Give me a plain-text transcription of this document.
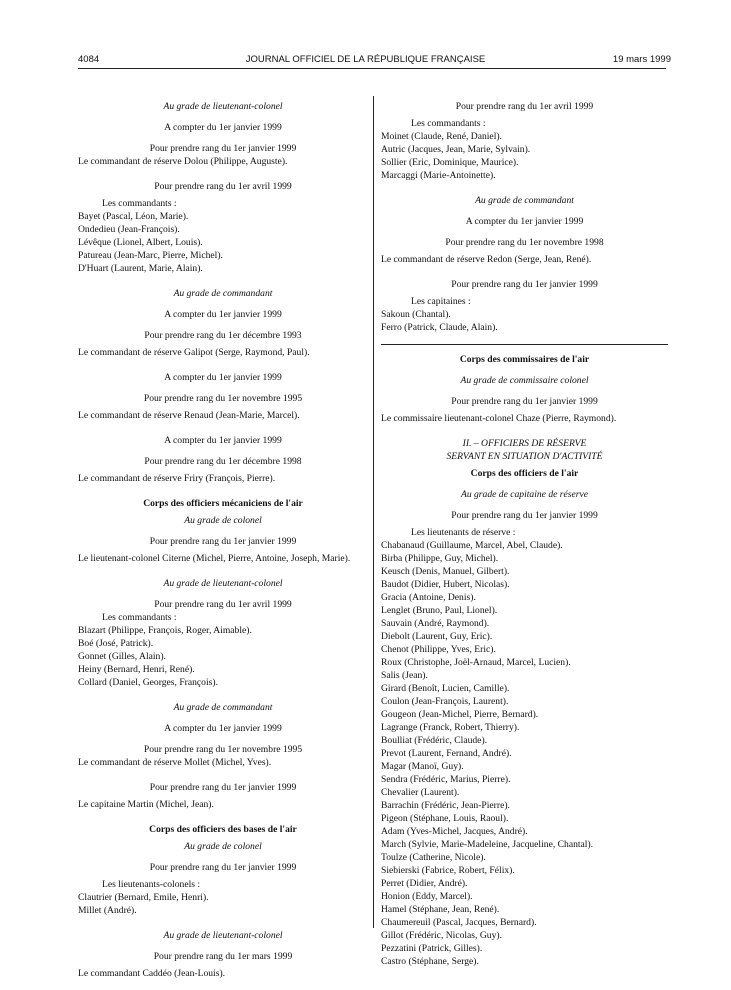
4084	JOURNAL OFFICIEL DE LA RÉPUBLIQUE FRANÇAISE	19 mars 1999
Au grade de lieutenant-colonel
A compter du 1er janvier 1999
Pour prendre rang du 1er janvier 1999
Le commandant de réserve Dolou (Philippe, Auguste).
Pour prendre rang du 1er avril 1999
Les commandants :
Bayet (Pascal, Léon, Marie).
Ondedieu (Jean-François).
Lévêque (Lionel, Albert, Louis).
Patureau (Jean-Marc, Pierre, Michel).
D'Huart (Laurent, Marie, Alain).
Au grade de commandant
A compter du 1er janvier 1999
Pour prendre rang du 1er décembre 1993
Le commandant de réserve Galipot (Serge, Raymond, Paul).
A compter du 1er janvier 1999
Pour prendre rang du 1er novembre 1995
Le commandant de réserve Renaud (Jean-Marie, Marcel).
A compter du 1er janvier 1999
Pour prendre rang du 1er décembre 1998
Le commandant de réserve Friry (François, Pierre).
Corps des officiers mécaniciens de l'air
Au grade de colonel
Pour prendre rang du 1er janvier 1999
Le lieutenant-colonel Citerne (Michel, Pierre, Antoine, Joseph, Marie).
Au grade de lieutenant-colonel
Pour prendre rang du 1er avril 1999
Les commandants :
Blazart (Philippe, François, Roger, Aimable).
Boé (José, Patrick).
Gonnet (Gilles, Alain).
Heiny (Bernard, Henri, René).
Collard (Daniel, Georges, François).
Au grade de commandant
A compter du 1er janvier 1999
Pour prendre rang du 1er novembre 1995
Le commandant de réserve Mollet (Michel, Yves).
Pour prendre rang du 1er janvier 1999
Le capitaine Martin (Michel, Jean).
Corps des officiers des bases de l'air
Au grade de colonel
Pour prendre rang du 1er janvier 1999
Les lieutenants-colonels :
Clautrier (Bernard, Emile, Henri).
Millet (André).
Au grade de lieutenant-colonel
Pour prendre rang du 1er mars 1999
Le commandant Caddéo (Jean-Louis).
Pour prendre rang du 1er avril 1999
Les commandants :
Moinet (Claude, René, Daniel).
Autric (Jacques, Jean, Marie, Sylvain).
Sollier (Eric, Dominique, Maurice).
Marcaggi (Marie-Antoinette).
Au grade de commandant
A compter du 1er janvier 1999
Pour prendre rang du 1er novembre 1998
Le commandant de réserve Redon (Serge, Jean, René).
Pour prendre rang du 1er janvier 1999
Les capitaines :
Sakoun (Chantal).
Ferro (Patrick, Claude, Alain).
Corps des commissaires de l'air
Au grade de commissaire colonel
Pour prendre rang du 1er janvier 1999
Le commissaire lieutenant-colonel Chaze (Pierre, Raymond).
II. – OFFICIERS DE RÉSERVE
SERVANT EN SITUATION D'ACTIVITÉ
Corps des officiers de l'air
Au grade de capitaine de réserve
Pour prendre rang du 1er janvier 1999
Les lieutenants de réserve :
Chabanaud (Guillaume, Marcel, Abel, Claude).
Birba (Philippe, Guy, Michel).
Keusch (Denis, Manuel, Gilbert).
Baudot (Didier, Hubert, Nicolas).
Gracia (Antoine, Denis).
Lenglet (Bruno, Paul, Lionel).
Sauvain (André, Raymond).
Diebolt (Laurent, Guy, Eric).
Chenot (Philippe, Yves, Eric).
Roux (Christophe, Joël-Arnaud, Marcel, Lucien).
Salis (Jean).
Girard (Benoît, Lucien, Camille).
Coulon (Jean-François, Laurent).
Gougeon (Jean-Michel, Pierre, Bernard).
Lagrange (Franck, Robert, Thierry).
Boulliat (Frédéric, Claude).
Prevot (Laurent, Fernand, André).
Magar (Manoï, Guy).
Sendra (Frédéric, Marius, Pierre).
Chevalier (Laurent).
Barrachin (Frédéric, Jean-Pierre).
Pigeon (Stéphane, Louis, Raoul).
Adam (Yves-Michel, Jacques, André).
March (Sylvie, Marie-Madeleine, Jacqueline, Chantal).
Toulze (Catherine, Nicole).
Siebierski (Fabrice, Robert, Félix).
Perret (Didier, André).
Honion (Eddy, Marcel).
Hamel (Stéphane, Jean, René).
Chaumereuil (Pascal, Jacques, Bernard).
Gillot (Frédéric, Nicolas, Guy).
Pezzatini (Patrick, Gilles).
Castro (Stéphane, Serge).
